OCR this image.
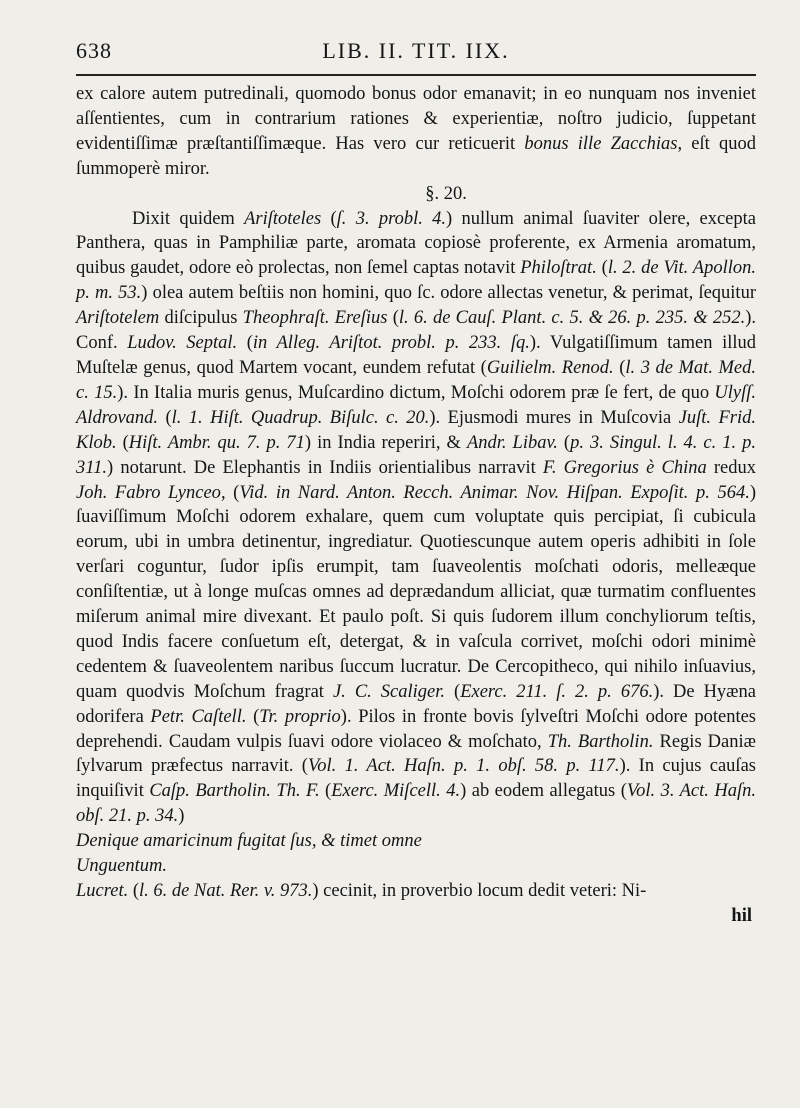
638	LIB. II. TIT. IIX.

ex calore autem putredinali, quomodo bonus odor emanavit; in eo nunquam nos inveniet aſſentientes, cum in contrarium rationes & experientiæ, noſtro judicio, ſuppetant evidentiſſimæ præſtantiſſimæque. Has vero cur reticuerit bonus ille Zacchias, eſt quod ſummoperè miror.

§. 20.

Dixit quidem Ariſtoteles (ſ. 3. probl. 4.) nullum animal ſuaviter olere, excepta Panthera, quas in Pamphiliæ parte, aromata copiosè proferente, ex Armenia aromatum, quibus gaudet, odore eò prolectas, non ſemel captas notavit Philoſtrat. (l. 2. de Vit. Apollon. p. m. 53.) olea autem beſtiis non homini, quo ſc. odore allectas venetur, & perimat, ſequitur Ariſtotelem diſcipulus Theophraſt. Ereſius (l. 6. de Cauſ. Plant. c. 5. & 26. p. 235. & 252.). Conf. Ludov. Septal. (in Alleg. Ariſtot. probl. p. 233. ſq.). Vulgatiſſimum tamen illud Muſtelæ genus, quod Martem vocant, eundem refutat (Guilielm. Renod. (l. 3 de Mat. Med. c. 15.). In Italia muris genus, Muſcardino dictum, Moſchi odorem præ ſe fert, de quo Ulyſſ. Aldrovand. (l. 1. Hiſt. Quadrup. Biſulc. c. 20.). Ejusmodi mures in Muſcovia Juſt. Frid. Klob. (Hiſt. Ambr. qu. 7. p. 71) in India reperiri, & Andr. Libav. (p. 3. Singul. l. 4. c. 1. p. 311.) notarunt. De Elephantis in Indiis orientialibus narravit F. Gregorius è China redux Joh. Fabro Lynceo, (Vid. in Nard. Anton. Recch. Animar. Nov. Hiſpan. Expoſit. p. 564.) ſuaviſſimum Moſchi odorem exhalare, quem cum voluptate quis percipiat, ſi cubicula eorum, ubi in umbra detinentur, ingrediatur. Quotiescunque autem operis adhibiti in ſole verſari coguntur, ſudor ipſis erumpit, tam ſuaveolentis moſchati odoris, melleæque conſiſtentiæ, ut à longe muſcas omnes ad deprædandum alliciat, quæ turmatim confluentes miſerum animal mire divexant. Et paulo poſt. Si quis ſudorem illum conchyliorum teſtis, quod Indis facere conſuetum eſt, detergat, & in vaſcula corrivet, moſchi odori minimè cedentem & ſuaveolentem naribus ſuccum lucratur. De Cercopitheco, qui nihilo inſuavius, quam quodvis Moſchum fragrat J. C. Scaliger. (Exerc. 211. ſ. 2. p. 676.). De Hyæna odorifera Petr. Caſtell. (Tr. proprio). Pilos in fronte bovis ſylveſtri Moſchi odore potentes deprehendi. Caudam vulpis ſuavi odore violaceo & moſchato, Th. Bartholin. Regis Daniæ ſylvarum præfectus narravit. (Vol. 1. Act. Haſn. p. 1. obſ. 58. p. 117.). In cujus cauſas inquiſivit Caſp. Bartholin. Th. F. (Exerc. Miſcell. 4.) ab eodem allegatus (Vol. 3. Act. Haſn. obſ. 21. p. 34.)

Denique amaricinum fugitat ſus, & timet omne
Unguentum.

Lucret. (l. 6. de Nat. Rer. v. 973.) cecinit, in proverbio locum dedit veteri: Ni-

hil
